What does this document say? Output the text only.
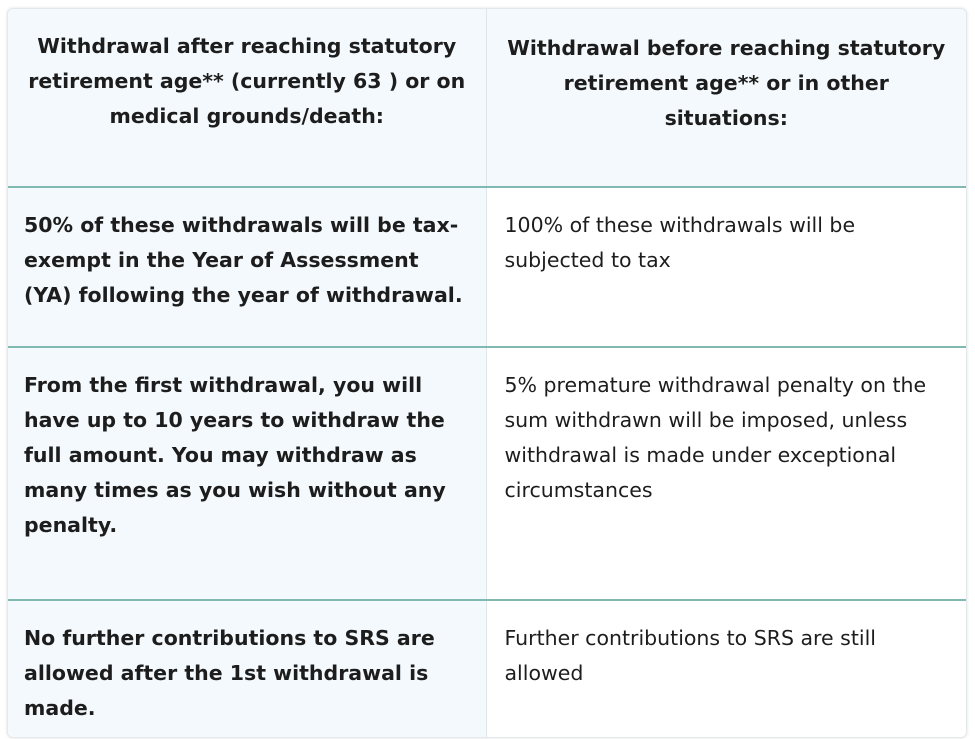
Withdrawal after reaching statutory retirement age** (currently 63 ) or on medical grounds/death:	Withdrawal before reaching statutory retirement age** or in other situations:
50% of these withdrawals will be tax-exempt in the Year of Assessment (YA) following the year of withdrawal.	100% of these withdrawals will be subjected to tax
From the first withdrawal, you will have up to 10 years to withdraw the full amount. You may withdraw as many times as you wish without any penalty.	5% premature withdrawal penalty on the sum withdrawn will be imposed, unless withdrawal is made under exceptional circumstances
No further contributions to SRS are allowed after the 1st withdrawal is made.	Further contributions to SRS are still allowed
